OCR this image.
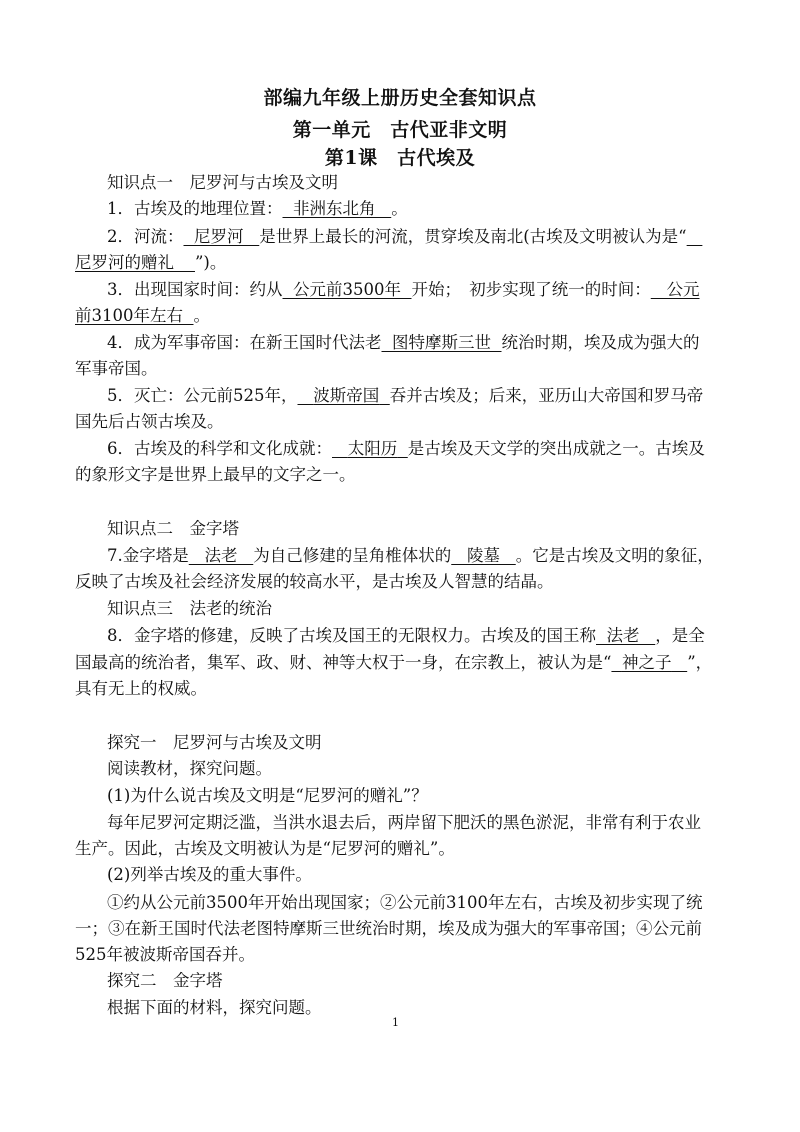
部编九年级上册历史全套知识点
第一单元　古代亚非文明
第1课　古代埃及
知识点一　尼罗河与古埃及文明
1．古埃及的地理位置： 非洲东北角 。
2．河流： 尼罗河 是世界上最长的河流，贯穿埃及南北(古埃及文明被认为是“
尼罗河的赠礼 ”)。
3．出现国家时间：约从 公元前3500年 开始；　初步实现了统一的时间： 公元
前3100年左右 。
4．成为军事帝国：在新王国时代法老 图特摩斯三世 统治时期，埃及成为强大的
军事帝国。
5．灭亡：公元前525年， 波斯帝国 吞并古埃及；后来，亚历山大帝国和罗马帝
国先后占领古埃及。
6．古埃及的科学和文化成就： 太阳历 是古埃及天文学的突出成就之一。古埃及
的象形文字是世界上最早的文字之一。
知识点二　金字塔
7.金字塔是 法老 为自己修建的呈角椎体状的 陵墓 。它是古埃及文明的象征，
反映了古埃及社会经济发展的较高水平，是古埃及人智慧的结晶。
知识点三　法老的统治
8．金字塔的修建，反映了古埃及国王的无限权力。古埃及的国王称 法老 ，是全
国最高的统治者，集军、政、财、神等大权于一身，在宗教上，被认为是“ 神之子 ”，
具有无上的权威。
探究一　尼罗河与古埃及文明
阅读教材，探究问题。
(1)为什么说古埃及文明是“尼罗河的赠礼”？
每年尼罗河定期泛滥，当洪水退去后，两岸留下肥沃的黑色淤泥，非常有利于农业
生产。因此，古埃及文明被认为是“尼罗河的赠礼”。
(2)列举古埃及的重大事件。
①约从公元前3500年开始出现国家；②公元前3100年左右，古埃及初步实现了统
一；③在新王国时代法老图特摩斯三世统治时期，埃及成为强大的军事帝国；④公元前
525年被波斯帝国吞并。
探究二　金字塔
根据下面的材料，探究问题。
1
